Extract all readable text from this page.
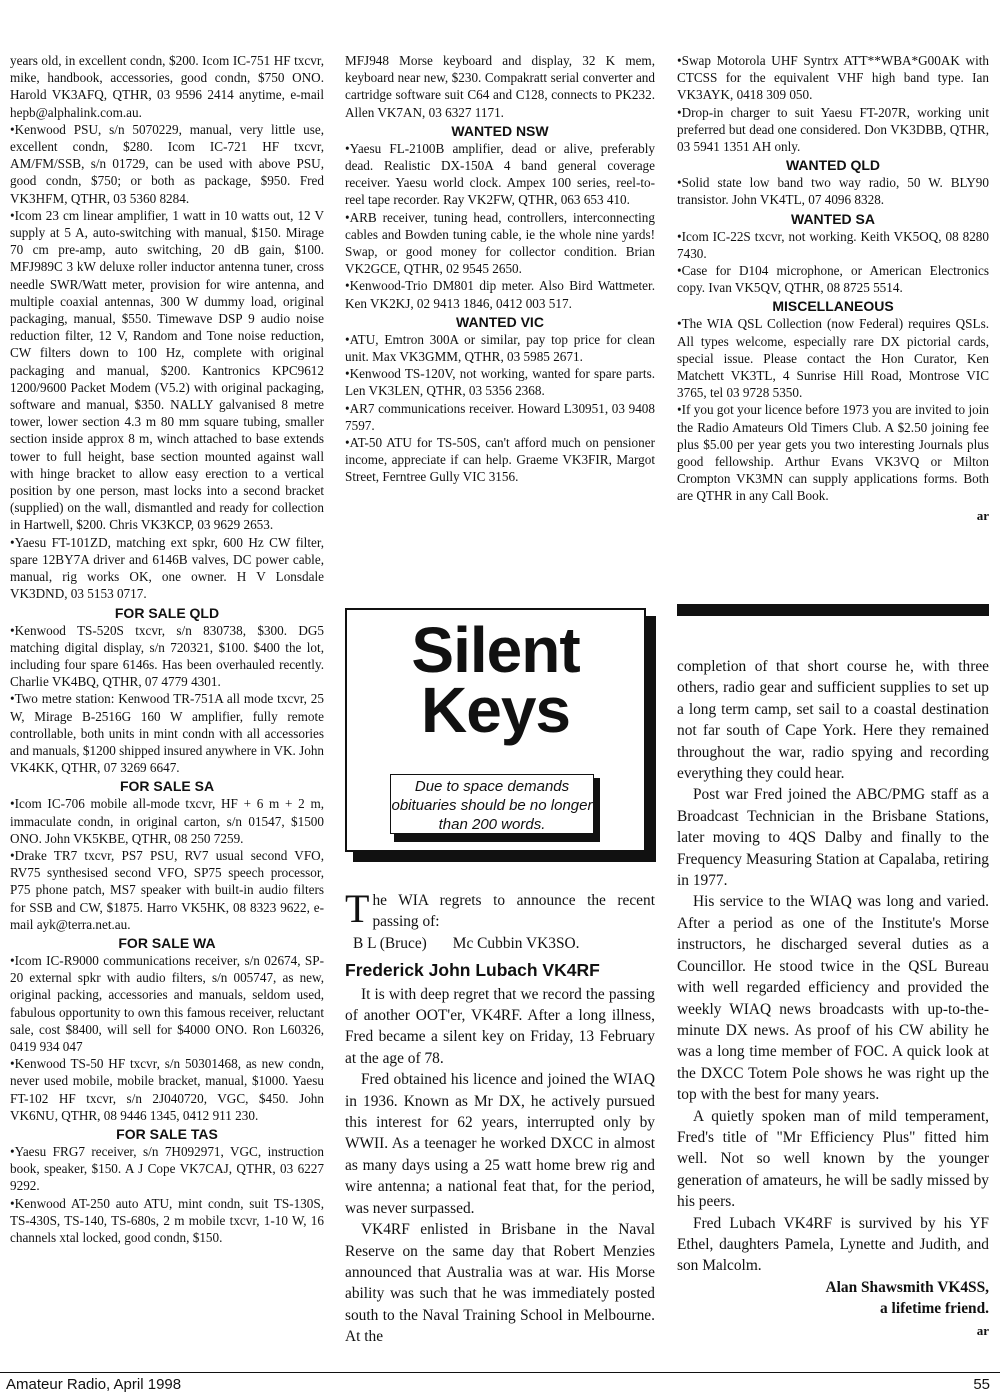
years old, in excellent condn, $200. Icom IC-751 HF txcvr, mike, handbook, accessories, good condn, $750 ONO. Harold VK3AFQ, QTHR, 03 9596 2414 anytime, e-mail hepb@alphalink.com.au.

•Kenwood PSU, s/n 5070229, manual, very little use, excellent condn, $280. Icom IC-721 HF txcvr, AM/FM/SSB, s/n 01729, can be used with above PSU, good condn, $750; or both as package, $950. Fred VK3HFM, QTHR, 03 5360 8284.

•Icom 23 cm linear amplifier, 1 watt in 10 watts out, 12 V supply at 5 A, auto-switching with manual, $150. Mirage 70 cm pre-amp, auto switching, 20 dB gain, $100. MFJ989C 3 kW deluxe roller inductor antenna tuner, cross needle SWR/Watt meter, provision for wire antenna, and multiple coaxial antennas, 300 W dummy load, original packaging, manual, $550. Timewave DSP 9 audio noise reduction filter, 12 V, Random and Tone noise reduction, CW filters down to 100 Hz, complete with original packaging and manual, $200. Kantronics KPC9612 1200/9600 Packet Modem (V5.2) with original packaging, software and manual, $350. NALLY galvanised 8 metre tower, lower section 4.3 m 80 mm square tubing, smaller section inside approx 8 m, winch attached to base extends tower to full height, base section mounted against wall with hinge bracket to allow easy erection to a vertical position by one person, mast locks into a second bracket (supplied) on the wall, dismantled and ready for collection in Hartwell, $200. Chris VK3KCP, 03 9629 2653.

•Yaesu FT-101ZD, matching ext spkr, 600 Hz CW filter, spare 12BY7A driver and 6146B valves, DC power cable, manual, rig works OK, one owner. H V Lonsdale VK3DND, 03 5153 0717.

FOR SALE QLD

•Kenwood TS-520S txcvr, s/n 830738, $300. DG5 matching digital display, s/n 720321, $100. $400 the lot, including four spare 6146s. Has been overhauled recently. Charlie VK4BQ, QTHR, 07 4779 4301.

•Two metre station: Kenwood TR-751A all mode txcvr, 25 W, Mirage B-2516G 160 W amplifier, fully remote controllable, both units in mint condn with all accessories and manuals, $1200 shipped insured anywhere in VK. John VK4KK, QTHR, 07 3269 6647.

FOR SALE SA

•Icom IC-706 mobile all-mode txcvr, HF + 6 m + 2 m, immaculate condn, in original carton, s/n 01547, $1500 ONO. John VK5KBE, QTHR, 08 250 7259.

•Drake TR7 txcvr, PS7 PSU, RV7 usual second VFO, RV75 synthesised second VFO, SP75 speech processor, P75 phone patch, MS7 speaker with built-in audio filters for SSB and CW, $1875. Harro VK5HK, 08 8323 9622, e-mail ayk@terra.net.au.

FOR SALE WA

•Icom IC-R9000 communications receiver, s/n 02674, SP-20 external spkr with audio filters, s/n 005747, as new, original packing, accessories and manuals, seldom used, fabulous opportunity to own this famous receiver, reluctant sale, cost $8400, will sell for $4000 ONO. Ron L60326, 0419 934 047

•Kenwood TS-50 HF txcvr, s/n 50301468, as new condn, never used mobile, mobile bracket, manual, $1000. Yaesu FT-102 HF txcvr, s/n 2J040720, VGC, $450. John VK6NU, QTHR, 08 9446 1345, 0412 911 230.

FOR SALE TAS

•Yaesu FRG7 receiver, s/n 7H092971, VGC, instruction book, speaker, $150. A J Cope VK7CAJ, QTHR, 03 6227 9292.

•Kenwood AT-250 auto ATU, mint condn, suit TS-130S, TS-430S, TS-140, TS-680s, 2 m mobile txcvr, 1-10 W, 16 channels xtal locked, good condn, $150.

MFJ948 Morse keyboard and display, 32 K mem, keyboard near new, $230. Compakratt serial converter and cartridge software suit C64 and C128, connects to PK232. Allen VK7AN, 03 6327 1171.

WANTED NSW

•Yaesu FL-2100B amplifier, dead or alive, preferably dead. Realistic DX-150A 4 band general coverage receiver. Yaesu world clock. Ampex 100 series, reel-to-reel tape recorder. Ray VK2FW, QTHR, 063 653 410.

•ARB receiver, tuning head, controllers, interconnecting cables and Bowden tuning cable, ie the whole nine yards! Swap, or good money for collector condition. Brian VK2GCE, QTHR, 02 9545 2650.

•Kenwood-Trio DM801 dip meter. Also Bird Wattmeter. Ken VK2KJ, 02 9413 1846, 0412 003 517.

WANTED VIC

•ATU, Emtron 300A or similar, pay top price for clean unit. Max VK3GMM, QTHR, 03 5985 2671.

•Kenwood TS-120V, not working, wanted for spare parts. Len VK3LEN, QTHR, 03 5356 2368.

•AR7 communications receiver. Howard L30951, 03 9408 7597.

•AT-50 ATU for TS-50S, can't afford much on pensioner income, appreciate if can help. Graeme VK3FIR, Margot Street, Ferntree Gully VIC 3156.

•Swap Motorola UHF Syntrx ATT**WBA*G00AK with CTCSS for the equivalent VHF high band type. Ian VK3AYK, 0418 309 050.

•Drop-in charger to suit Yaesu FT-207R, working unit preferred but dead one considered. Don VK3DBB, QTHR, 03 5941 1351 AH only.

WANTED QLD

•Solid state low band two way radio, 50 W. BLY90 transistor. John VK4TL, 07 4096 8328.

WANTED SA

•Icom IC-22S txcvr, not working. Keith VK5OQ, 08 8280 7430.

•Case for D104 microphone, or American Electronics copy. Ivan VK5QV, QTHR, 08 8725 5514.

MISCELLANEOUS

•The WIA QSL Collection (now Federal) requires QSLs. All types welcome, especially rare DX pictorial cards, special issue. Please contact the Hon Curator, Ken Matchett VK3TL, 4 Sunrise Hill Road, Montrose VIC 3765, tel 03 9728 5350.

•If you got your licence before 1973 you are invited to join the Radio Amateurs Old Timers Club. A $2.50 joining fee plus $5.00 per year gets you two interesting Journals plus good fellowship. Arthur Evans VK3VQ or Milton Crompton VK3MN can supply applications forms. Both are QTHR in any Call Book.

ar

Silent
Keys
Due to space demands obituaries should be no longer than 200 words.

The WIA regrets to announce the recent passing of:

B L (Bruce) Mc Cubbin VK3SO.

Frederick John Lubach VK4RF

It is with deep regret that we record the passing of another OOT'er, VK4RF. After a long illness, Fred became a silent key on Friday, 13 February at the age of 78.

Fred obtained his licence and joined the WIAQ in 1936. Known as Mr DX, he actively pursued this interest for 62 years, interrupted only by WWII. As a teenager he worked DXCC in almost as many days using a 25 watt home brew rig and wire antenna; a national feat that, for the period, was never surpassed.

VK4RF enlisted in Brisbane in the Naval Reserve on the same day that Robert Menzies announced that Australia was at war. His Morse ability was such that he was immediately posted south to the Naval Training School in Melbourne. At the

completion of that short course he, with three others, radio gear and sufficient supplies to set up a long term camp, set sail to a coastal destination not far south of Cape York. Here they remained throughout the war, radio spying and recording everything they could hear.

Post war Fred joined the ABC/PMG staff as a Broadcast Technician in the Brisbane Stations, later moving to 4QS Dalby and finally to the Frequency Measuring Station at Capalaba, retiring in 1977.

His service to the WIAQ was long and varied. After a period as one of the Institute's Morse instructors, he discharged several duties as a Councillor. He stood twice in the QSL Bureau with well regarded efficiency and provided the weekly WIAQ news broadcasts with up-to-the-minute DX news. As proof of his CW ability he was a long time member of FOC. A quick look at the DXCC Totem Pole shows he was right up the top with the best for many years.

A quietly spoken man of mild temperament, Fred's title of "Mr Efficiency Plus" fitted him well. Not so well known by the younger generation of amateurs, he will be sadly missed by his peers.

Fred Lubach VK4RF is survived by his YF Ethel, daughters Pamela, Lynette and Judith, and son Malcolm.

Alan Shawsmith VK4SS,

a lifetime friend.

ar

Amateur Radio, April 1998	55
